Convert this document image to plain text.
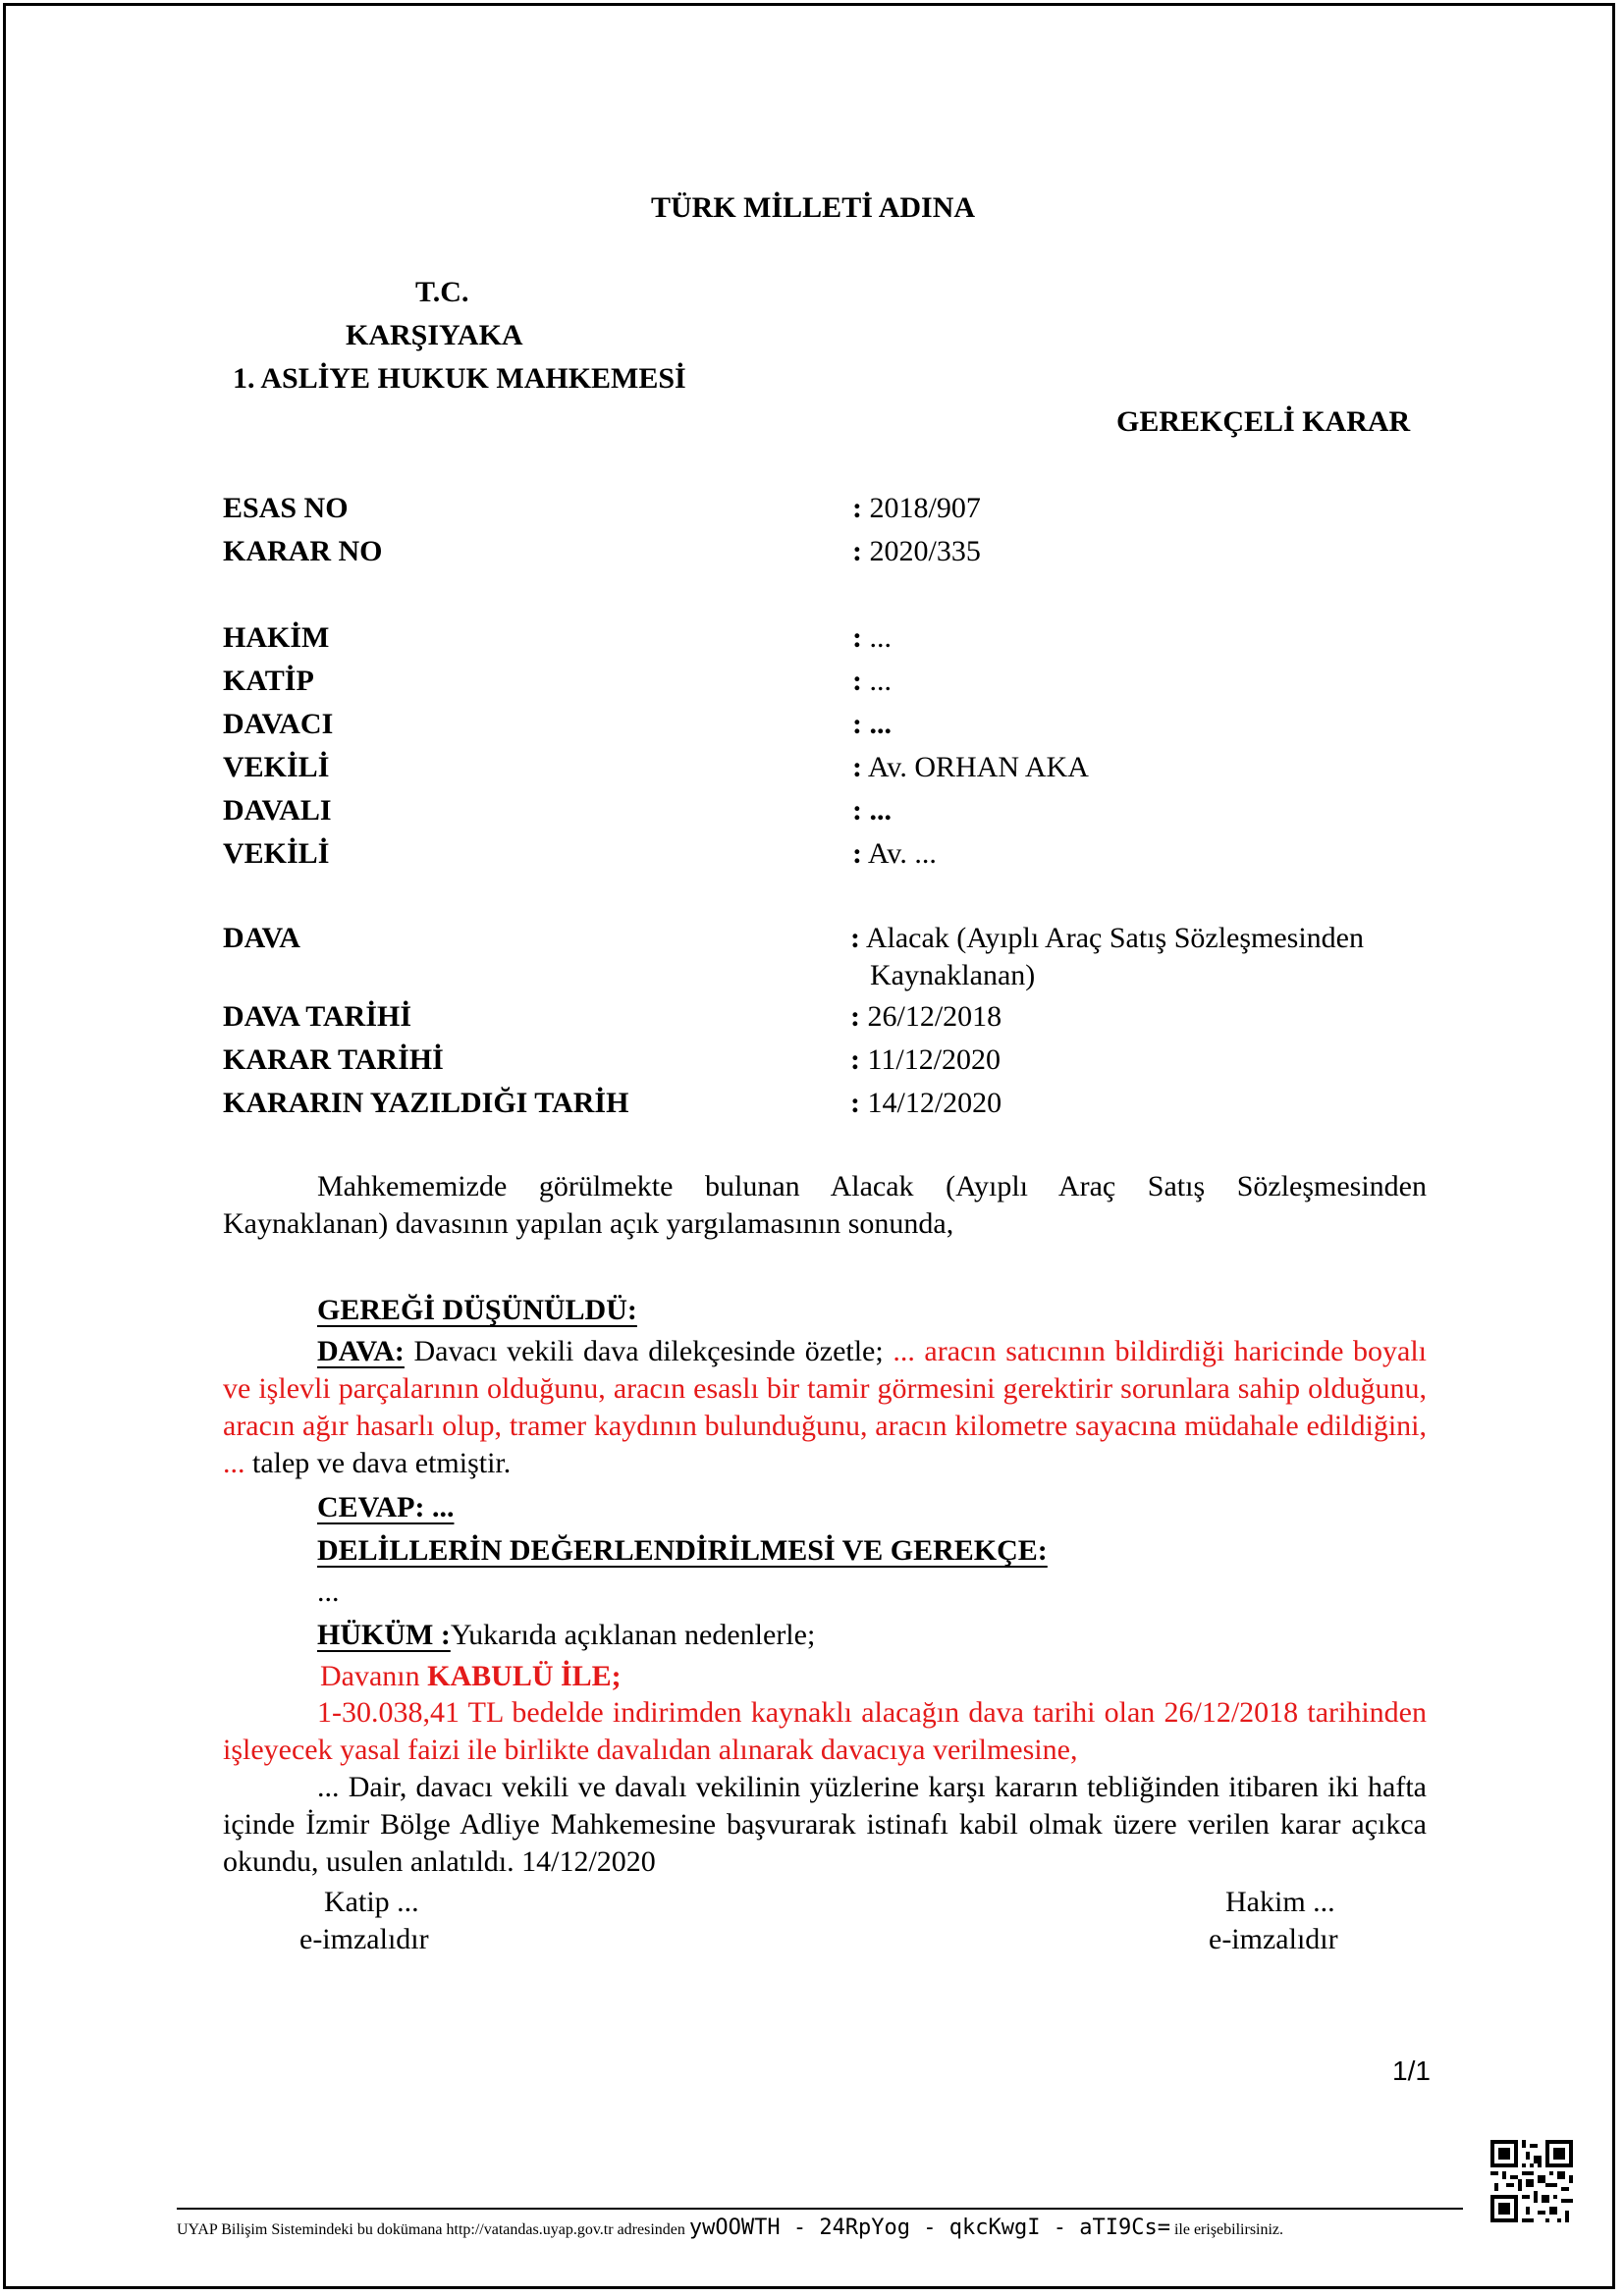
TÜRK MİLLETİ ADINA
T.C.
KARŞIYAKA
1. ASLİYE HUKUK MAHKEMESİ
GEREKÇELİ KARAR
ESAS NO	: 2018/907
KARAR NO	: 2020/335
HAKİM	: ...
KATİP	: ...
DAVACI	: ...
VEKİLİ	: Av. ORHAN AKA
DAVALI	: ...
VEKİLİ	: Av. ...
DAVA	: Alacak (Ayıplı Araç Satış Sözleşmesinden
Kaynaklanan)
DAVA TARİHİ	: 26/12/2018
KARAR TARİHİ	: 11/12/2020
KARARIN YAZILDIĞI TARİH	: 14/12/2020
Mahkememizde görülmekte bulunan Alacak (Ayıplı Araç Satış Sözleşmesinden Kaynaklanan) davasının yapılan açık yargılamasının sonunda,
GEREĞİ DÜŞÜNÜLDÜ:
DAVA: Davacı vekili dava dilekçesinde özetle; ... aracın satıcının bildirdiği haricinde boyalı ve işlevli parçalarının olduğunu, aracın esaslı bir tamir görmesini gerektirir sorunlara sahip olduğunu, aracın ağır hasarlı olup, tramer kaydının bulunduğunu, aracın kilometre sayacına müdahale edildiğini, ... talep ve dava etmiştir.
CEVAP: ...
DELİLLERİN DEĞERLENDİRİLMESİ VE GEREKÇE:
...
HÜKÜM :Yukarıda açıklanan nedenlerle;
Davanın KABULÜ İLE;
1-30.038,41 TL bedelde indirimden kaynaklı alacağın dava tarihi olan 26/12/2018 tarihinden işleyecek yasal faizi ile birlikte davalıdan alınarak davacıya verilmesine,
... Dair, davacı vekili ve davalı vekilinin yüzlerine karşı kararın tebliğinden itibaren iki hafta içinde İzmir Bölge Adliye Mahkemesine başvurarak istinafı kabil olmak üzere verilen karar açıkca okundu, usulen anlatıldı. 14/12/2020
Katip ...
e-imzalıdır
Hakim ...
e-imzalıdır
1/1
UYAP Bilişim Sistemindeki bu dokümana http://vatandas.uyap.gov.tr adresinden ywOOWTH - 24RpYog - qkcKwgI - aTI9Cs= ile erişebilirsiniz.
